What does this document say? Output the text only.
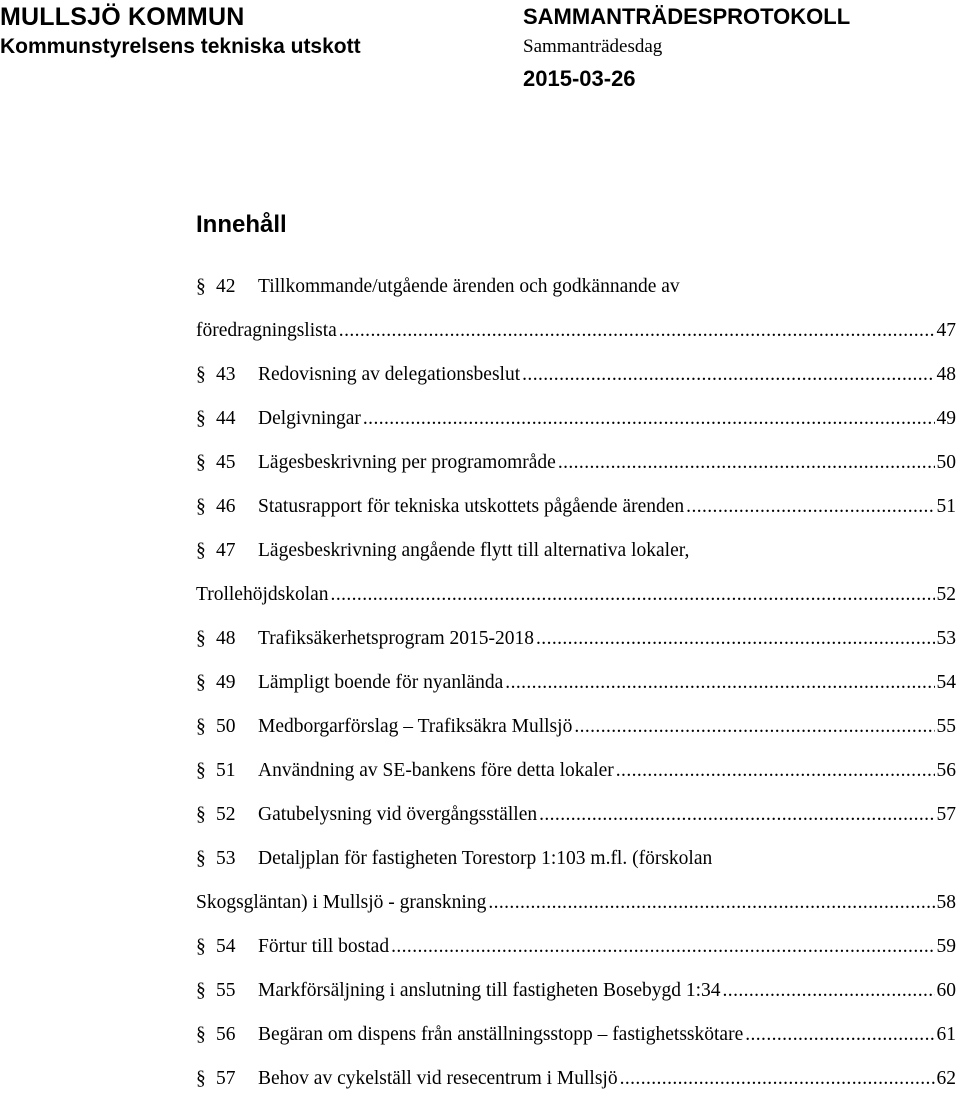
MULLSJÖ KOMMUN
Kommunstyrelsens tekniska utskott
SAMMANTRÄDESPROTOKOLL
Sammanträdesdag
2015-03-26
Innehåll
§ 42 Tillkommande/utgående ärenden och godkännande av
föredragningslista .....	47
§ 43	Redovisning av delegationsbeslut .....	48
§ 44	Delgivningar .....	49
§ 45	Lägesbeskrivning per programområde .....	50
§ 46	Statusrapport för tekniska utskottets pågående ärenden .....	51
§ 47 Lägesbeskrivning angående flytt till alternativa lokaler,
Trollehöjdskolan .....	52
§ 48	Trafiksäkerhetsprogram 2015-2018 .....	53
§ 49	Lämpligt boende för nyanlända .....	54
§ 50	Medborgarförslag – Trafiksäkra Mullsjö .....	55
§ 51	Användning av SE-bankens före detta lokaler .....	56
§ 52	Gatubelysning vid övergångsställen .....	57
§ 53 Detaljplan för fastigheten Torestorp 1:103 m.fl. (förskolan
Skogsgläntan) i Mullsjö - granskning .....	58
§ 54	Förtur till bostad .....	59
§ 55	Markförsäljning i anslutning till fastigheten Bosebygd 1:34 .....	60
§ 56	Begäran om dispens från anställningsstopp – fastighetsskötare .....	61
§ 57	Behov av cykelställ vid resecentrum i Mullsjö .....	62
